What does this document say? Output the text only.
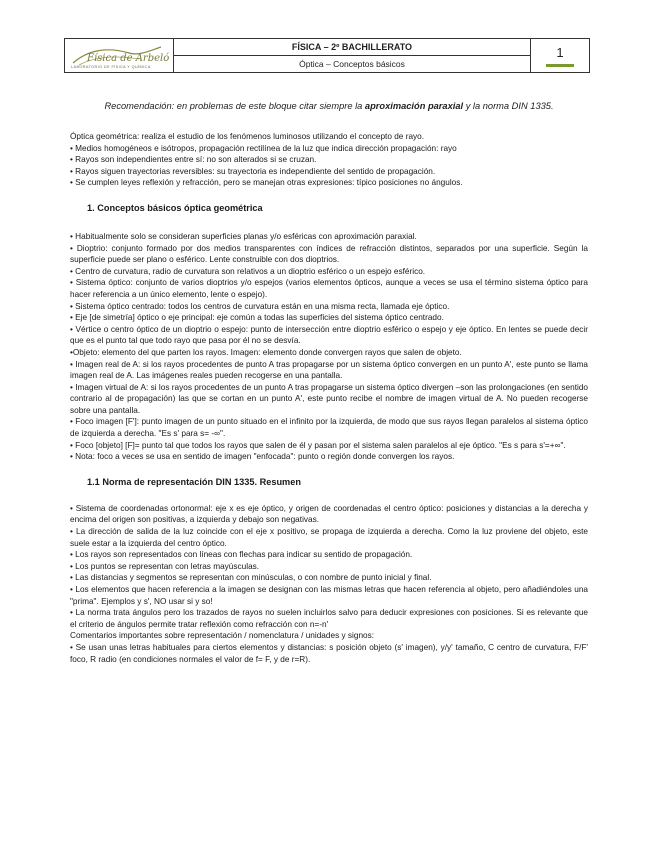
Física de Arbeló
LABORATORIO DE FÍSICA Y QUÍMICA
FÍSICA – 2º BACHILLERATO
Óptica – Conceptos básicos
1
Recomendación: en problemas de este bloque citar siempre la aproximación paraxial y la norma DIN 1335.

Óptica geométrica: realiza el estudio de los fenómenos luminosos utilizando el concepto de rayo.

• Medios homogéneos e isótropos, propagación rectilínea de la luz que indica dirección propagación: rayo

• Rayos son independientes entre sí: no son alterados si se cruzan.

• Rayos siguen trayectorias reversibles: su trayectoria es independiente del sentido de propagación.

• Se cumplen leyes reflexión y refracción, pero se manejan otras expresiones: típico posiciones no ángulos.

1. Conceptos básicos óptica geométrica

• Habitualmente solo se consideran superficies planas y/o esféricas con aproximación paraxial.

• Dioptrio: conjunto formado por dos medios transparentes con índices de refracción distintos, separados por una superficie. Según la superficie puede ser plano o esférico. Lente construible con dos dioptrios.

• Centro de curvatura, radio de curvatura son relativos a un dioptrio esférico o un espejo esférico.

• Sistema óptico: conjunto de varios dioptrios y/o espejos (varios elementos ópticos, aunque a veces se usa el término sistema óptico para hacer referencia a un único elemento, lente o espejo).

• Sistema óptico centrado: todos los centros de curvatura están en una misma recta, llamada eje óptico.

• Eje [de simetría] óptico o eje principal: eje común a todas las superficies del sistema óptico centrado.

• Vértice o centro óptico de un dioptrio o espejo: punto de intersección entre dioptrio esférico o espejo y eje óptico. En lentes se puede decir que es el punto tal que todo rayo que pasa por él no se desvía.

•Objeto: elemento del que parten los rayos. Imagen: elemento donde convergen rayos que salen de objeto.

• Imagen real de A: si los rayos procedentes de punto A tras propagarse por un sistema óptico convergen en un punto A', este punto se llama imagen real de A. Las imágenes reales pueden recogerse en una pantalla.

• Imagen virtual de A: si los rayos procedentes de un punto A tras propagarse un sistema óptico divergen –son las prolongaciones (en sentido contrario al de propagación) las que se cortan en un punto A', este punto recibe el nombre de imagen virtual de A. No pueden recogerse sobre una pantalla.

• Foco imagen [F']: punto imagen de un punto situado en el infinito por la izquierda, de modo que sus rayos llegan paralelos al sistema óptico de izquierda a derecha. "Es s' para s= -∞".

• Foco [objeto] [F]= punto tal que todos los rayos que salen de él y pasan por el sistema salen paralelos al eje óptico. "Es s para s'=+∞".

• Nota: foco a veces se usa en sentido de imagen "enfocada": punto o región donde convergen los rayos.

1.1 Norma de representación DIN 1335. Resumen

• Sistema de coordenadas ortonormal: eje x es eje óptico, y origen de coordenadas el centro óptico: posiciones y distancias a la derecha y encima del origen son positivas, a izquierda y debajo son negativas.

• La dirección de salida de la luz coincide con el eje x positivo, se propaga de izquierda a derecha. Como la luz proviene del objeto, este suele estar a la izquierda del centro óptico.

• Los rayos son representados con líneas con flechas para indicar su sentido de propagación.

• Los puntos se representan con letras mayúsculas.

• Las distancias y segmentos se representan con minúsculas, o con nombre de punto inicial y final.

• Los elementos que hacen referencia a la imagen se designan con las mismas letras que hacen referencia al objeto, pero añadiéndoles una "prima". Ejemplos y s', NO usar si y so!

• La norma trata ángulos pero los trazados de rayos no suelen incluirlos salvo para deducir expresiones con posiciones. Si es relevante que el criterio de ángulos permite tratar reflexión como refracción con n=-n'

Comentarios importantes sobre representación / nomenclatura / unidades y signos:

• Se usan unas letras habituales para ciertos elementos y distancias: s posición objeto (s' imagen), y/y' tamaño, C centro de curvatura, F/F' foco, R radio (en condiciones normales el valor de f= F, y de r=R).
